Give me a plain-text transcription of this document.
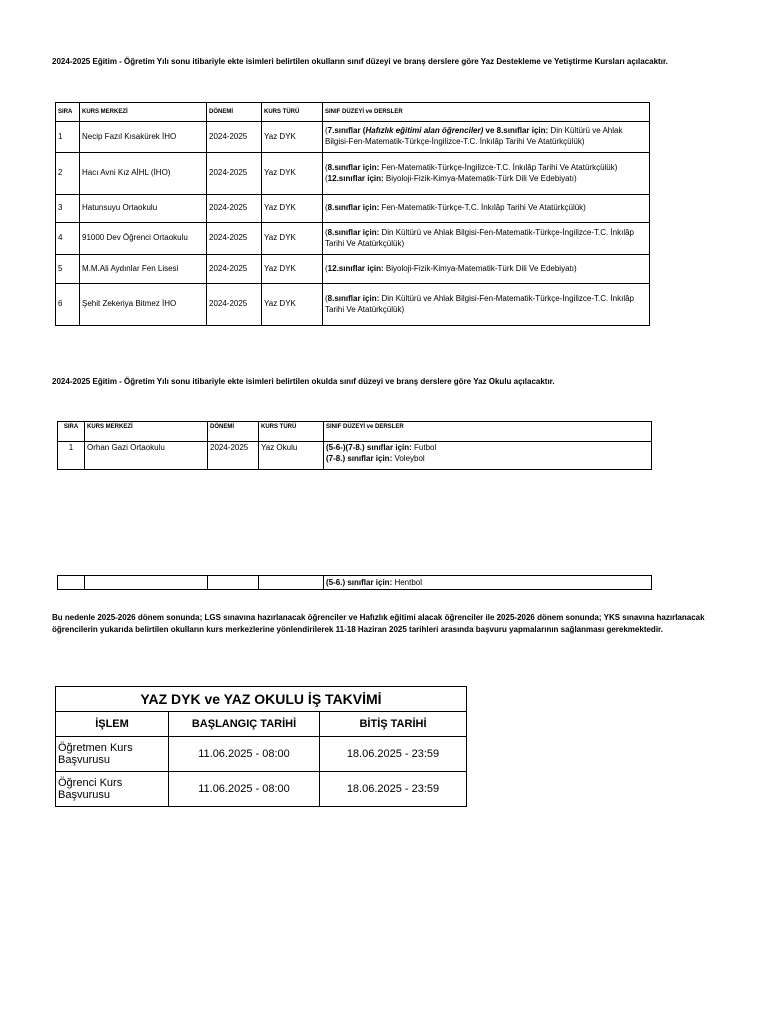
2024-2025 Eğitim - Öğretim Yılı sonu itibariyle ekte isimleri belirtilen okulların sınıf düzeyi ve branş derslere göre Yaz Destekleme ve Yetiştirme Kursları açılacaktır.
SIRA	KURS MERKEZİ	DÖNEMİ	KURS TÜRÜ	SINIF DÜZEYİ ve DERSLER
1	Necip Fazıl Kısakürek İHO	2024-2025	Yaz DYK	(7.sınıflar (Hafızlık eğitimi alan öğrenciler) ve 8.sınıflar için: Din Kültürü ve Ahlak Bilgisi-Fen-Matematik-Türkçe-İngilizce-T.C. İnkılâp Tarihi Ve Atatürkçülük)
2	Hacı Avni Kız AİHL (İHO)	2024-2025	Yaz DYK	(8.sınıflar için: Fen-Matematik-Türkçe-İngilizce-T.C. İnkılâp Tarihi Ve Atatürkçülük)
(12.sınıflar için: Biyoloji-Fizik-Kimya-Matematik-Türk Dili Ve Edebiyatı)
3	Hatunsuyu Ortaokulu	2024-2025	Yaz DYK	(8.sınıflar için: Fen-Matematik-Türkçe-T.C. İnkılâp Tarihi Ve Atatürkçülük)
4	91000 Dev Öğrenci Ortaokulu	2024-2025	Yaz DYK	(8.sınıflar için: Din Kültürü ve Ahlak Bilgisi-Fen-Matematik-Türkçe-İngilizce-T.C. İnkılâp Tarihi Ve Atatürkçülük)
5	M.M.Ali Aydınlar Fen Lisesi	2024-2025	Yaz DYK	(12.sınıflar için: Biyoloji-Fizik-Kimya-Matematik-Türk Dili Ve Edebiyatı)
6	Şehit Zekeriya Bitmez İHO	2024-2025	Yaz DYK	(8.sınıflar için: Din Kültürü ve Ahlak Bilgisi-Fen-Matematik-Türkçe-İngilizce-T.C. İnkılâp Tarihi Ve Atatürkçülük)
2024-2025 Eğitim - Öğretim Yılı sonu itibariyle ekte isimleri belirtilen okulda sınıf düzeyi ve branş derslere göre Yaz Okulu açılacaktır.
SIRA	KURS MERKEZİ	DÖNEMİ	KURS TÜRÜ	SINIF DÜZEYİ ve DERSLER
1	Orhan Gazi Ortaokulu	2024-2025	Yaz Okulu	(5-6-)(7-8.) sınıflar için: Futbol
(7-8.) sınıflar için: Voleybol
				(5-6.) sınıflar için: Hentbol
Bu nedenle 2025-2026 dönem sonunda; LGS sınavına hazırlanacak öğrenciler ve Hafızlık eğitimi alacak öğrenciler ile 2025-2026 dönem sonunda; YKS sınavına hazırlanacak öğrencilerin yukarıda belirtilen okulların kurs merkezlerine yönlendirilerek 11-18 Haziran 2025 tarihleri arasında başvuru yapmalarının sağlanması gerekmektedir.
YAZ DYK ve YAZ OKULU İŞ TAKVİMİ		
İŞLEM	BAŞLANGIÇ TARİHİ	BİTİŞ TARİHİ
Öğretmen Kurs Başvurusu	11.06.2025 - 08:00	18.06.2025 - 23:59
Öğrenci Kurs Başvurusu	11.06.2025 - 08:00	18.06.2025 - 23:59
